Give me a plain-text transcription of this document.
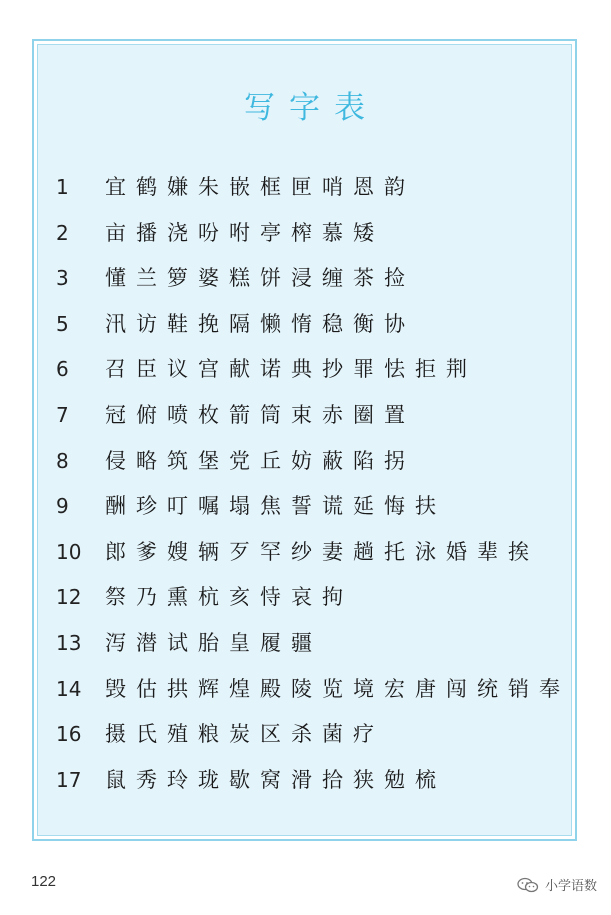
写字表
1	宜鹤嫌朱嵌框匣哨恩韵
2	亩播浇吩咐亭榨慕矮
3	懂兰箩婆糕饼浸缠茶捡
5	汛访鞋挽隔懒惰稳衡协
6	召臣议宫献诺典抄罪怯拒荆
7	冠俯喷枚箭筒束赤圈置
8	侵略筑堡党丘妨蔽陷拐
9	酬珍叮嘱塌焦誓谎延悔扶
10	郎爹嫂辆歹罕纱妻趟托泳婚辈挨
12	祭乃熏杭亥恃哀拘
13	泻潜试胎皇履疆
14	毁估拱辉煌殿陵览境宏唐闯统销奉
16	摄氏殖粮炭区杀菌疗
17	鼠秀玲珑歇窝滑拾狭勉梳
122	小学语数
